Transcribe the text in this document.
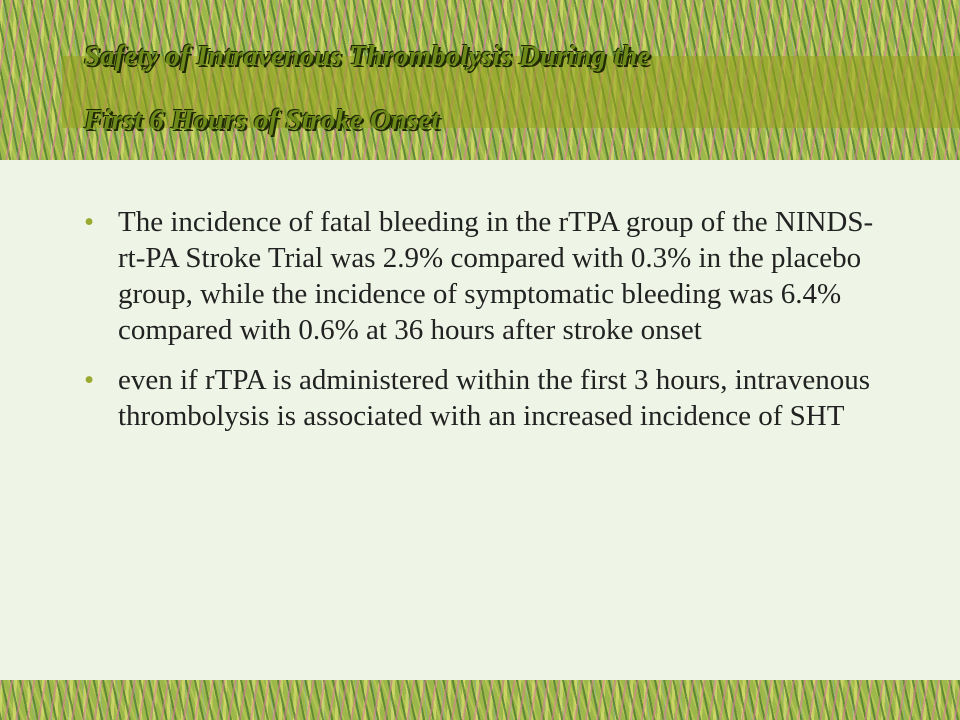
Safety of Intravenous Thrombolysis During the
First 6 Hours of Stroke Onset
• The incidence of fatal bleeding in the rTPA group of the NINDS-rt-PA Stroke Trial was 2.9% compared with 0.3% in the placebo group, while the incidence of symptomatic bleeding was 6.4% compared with 0.6% at 36 hours after stroke onset
• even if rTPA is administered within the first 3 hours, intravenous thrombolysis is associated with an increased incidence of SHT
